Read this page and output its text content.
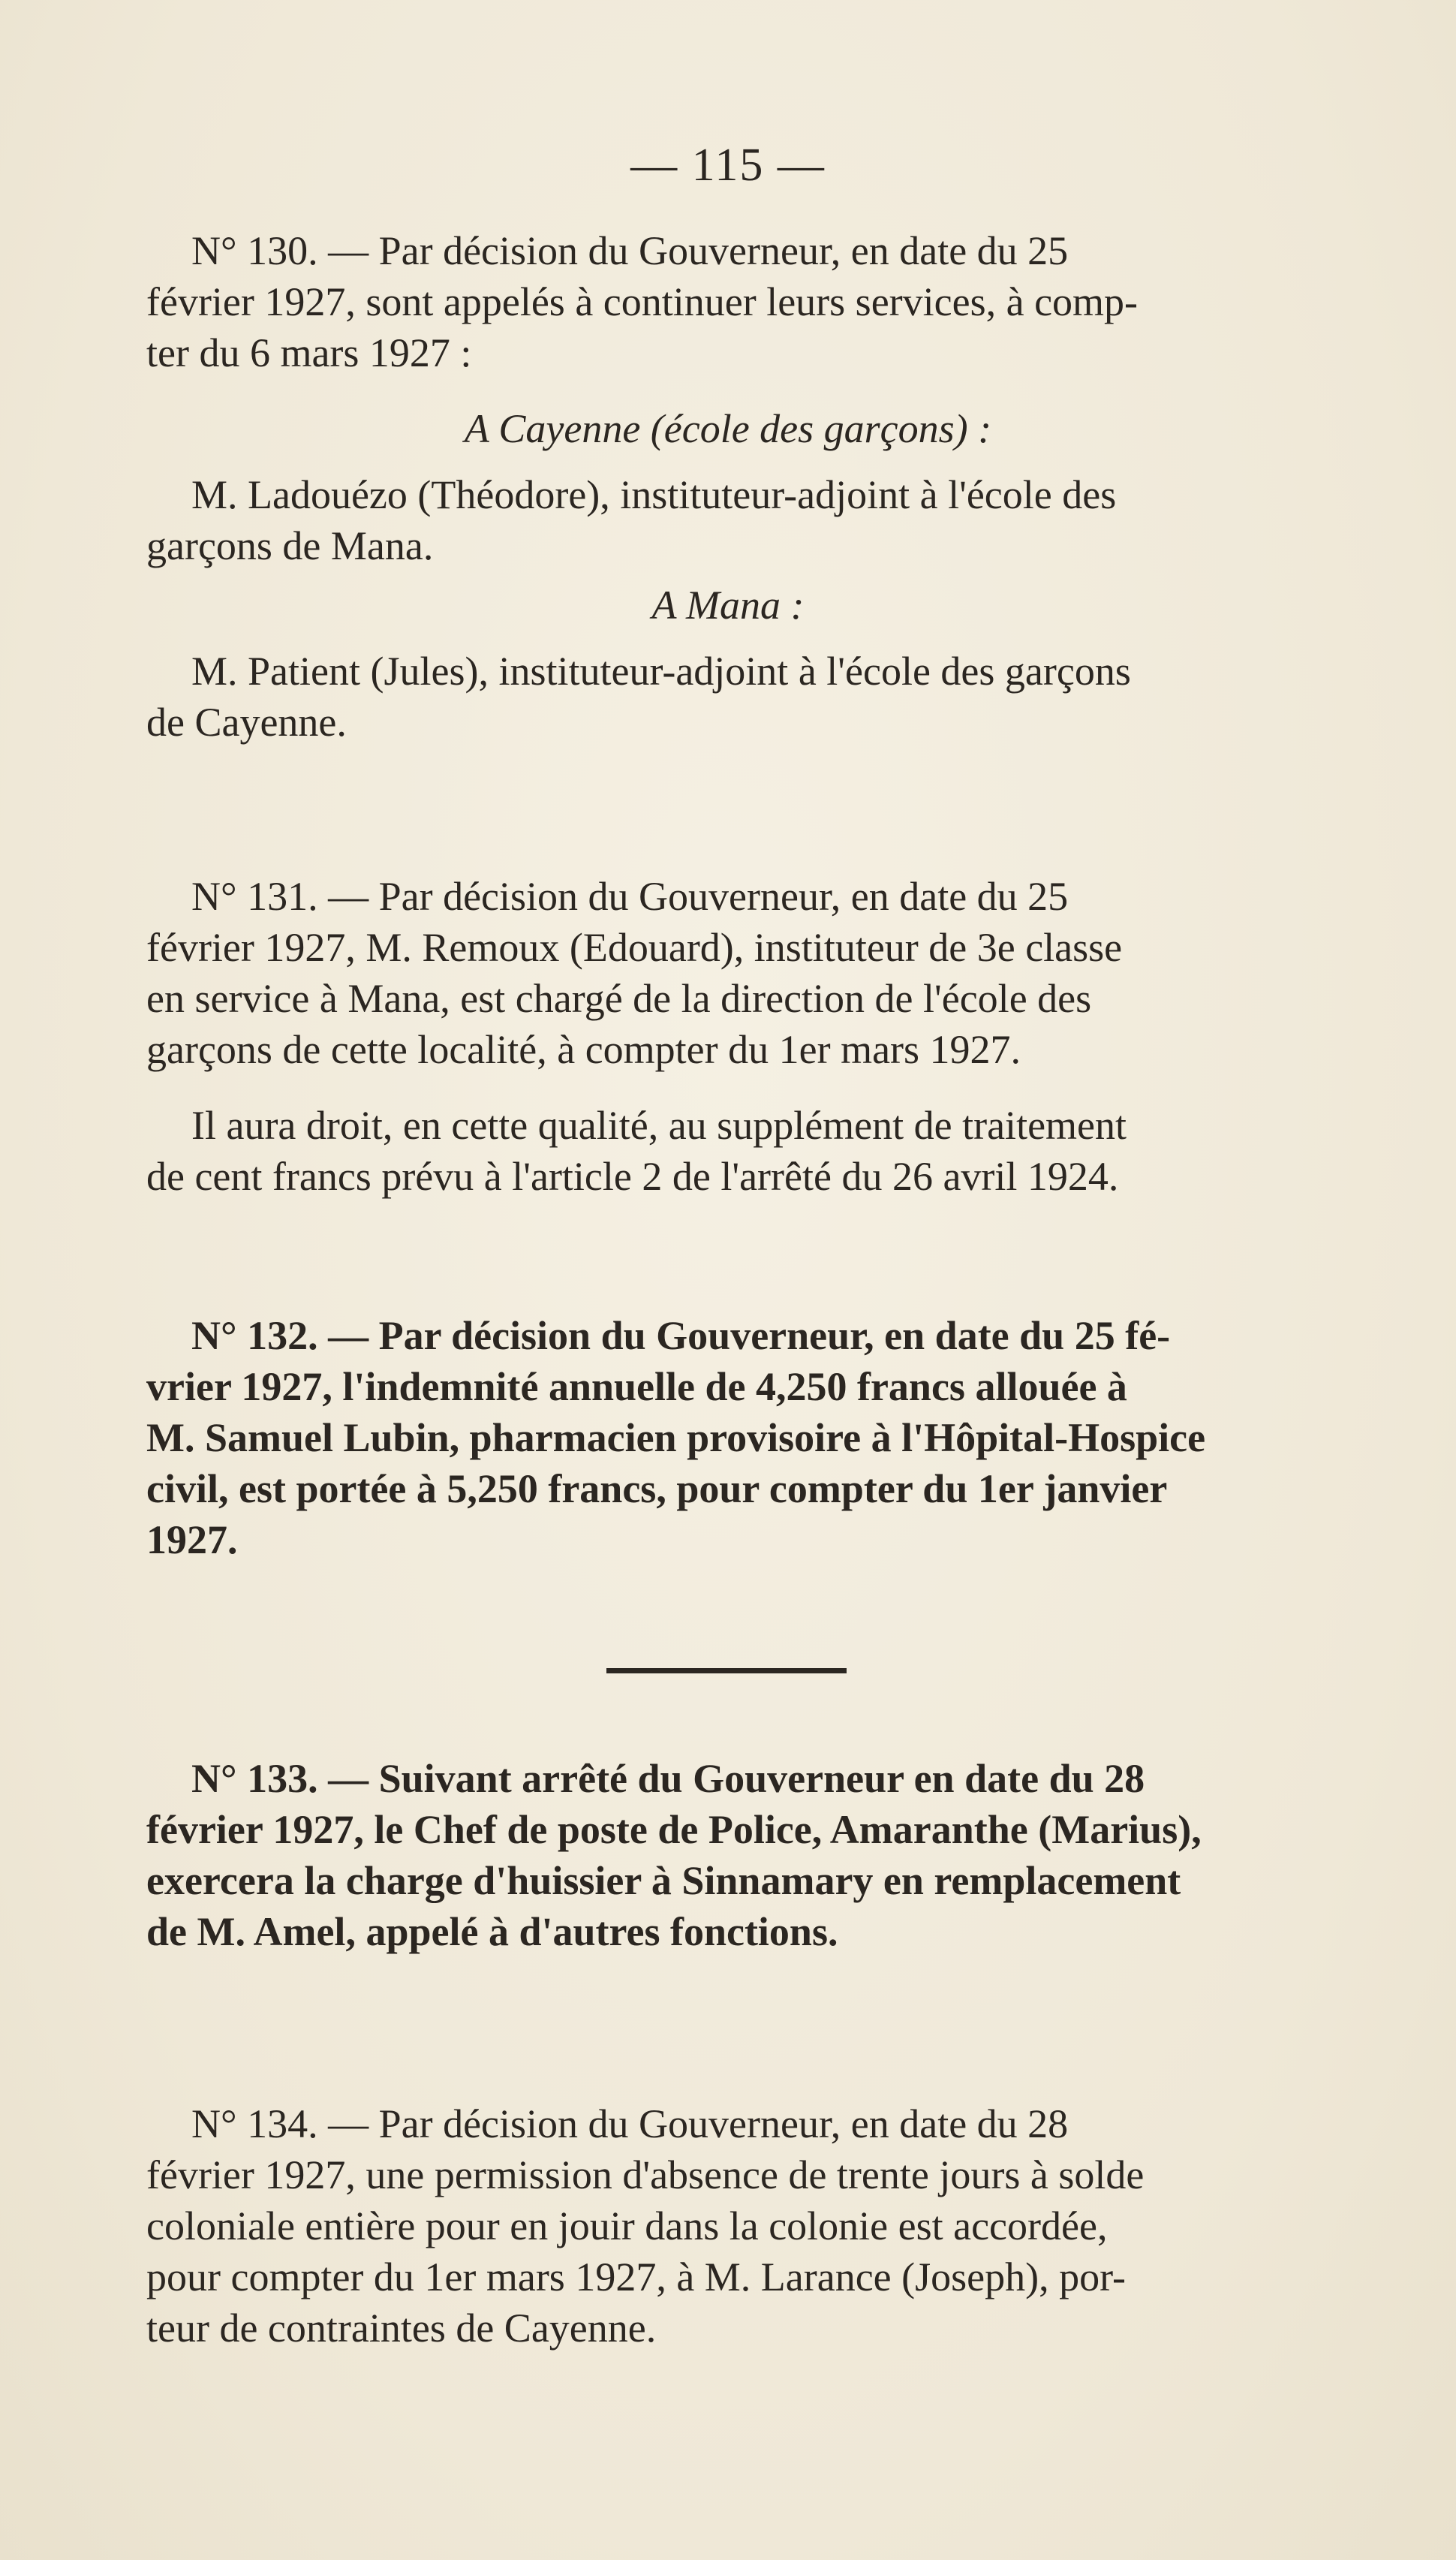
— 115 —

N° 130. — Par décision du Gouverneur, en date du 25
février 1927, sont appelés à continuer leurs services, à comp-
ter du 6 mars 1927 :

A Cayenne (école des garçons) :

M. Ladouézo (Théodore), instituteur-adjoint à l'école des
garçons de Mana.

A Mana :

M. Patient (Jules), instituteur-adjoint à l'école des garçons
de Cayenne.

N° 131. — Par décision du Gouverneur, en date du 25
février 1927, M. Remoux (Edouard), instituteur de 3e classe
en service à Mana, est chargé de la direction de l'école des
garçons de cette localité, à compter du 1er mars 1927.

Il aura droit, en cette qualité, au supplément de traitement
de cent francs prévu à l'article 2 de l'arrêté du 26 avril 1924.

N° 132. — Par décision du Gouverneur, en date du 25 fé-
vrier 1927, l'indemnité annuelle de 4,250 francs allouée à
M. Samuel Lubin, pharmacien provisoire à l'Hôpital-Hospice
civil, est portée à 5,250 francs, pour compter du 1er janvier
1927.

N° 133. — Suivant arrêté du Gouverneur en date du 28
février 1927, le Chef de poste de Police, Amaranthe (Marius),
exercera la charge d'huissier à Sinnamary en remplacement
de M. Amel, appelé à d'autres fonctions.

N° 134. — Par décision du Gouverneur, en date du 28
février 1927, une permission d'absence de trente jours à solde
coloniale entière pour en jouir dans la colonie est accordée,
pour compter du 1er mars 1927, à M. Larance (Joseph), por-
teur de contraintes de Cayenne.
